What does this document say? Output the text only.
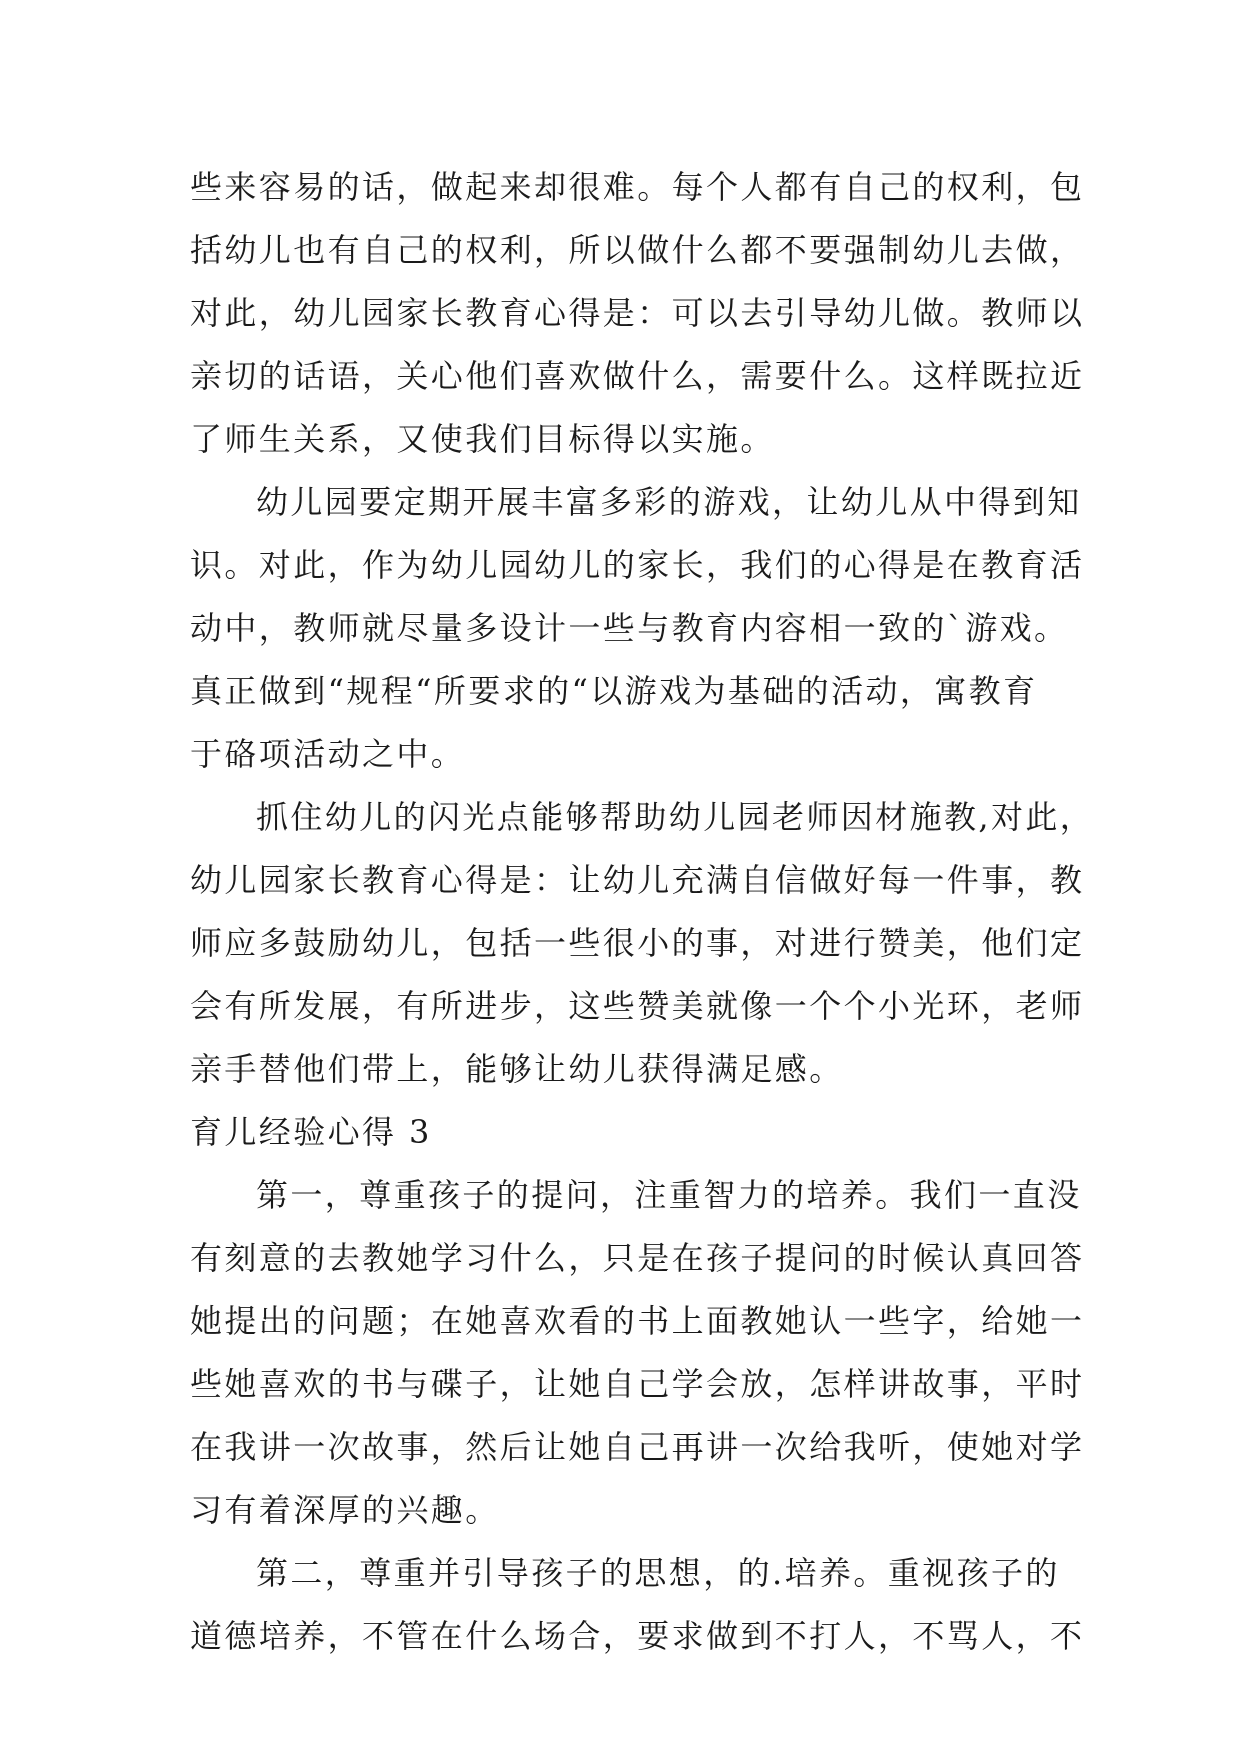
些来容易的话，做起来却很难。每个人都有自己的权利，包
括幼儿也有自己的权利，所以做什么都不要强制幼儿去做，
对此，幼儿园家长教育心得是：可以去引导幼儿做。教师以
亲切的话语，关心他们喜欢做什么，需要什么。这样既拉近
了师生关系，又使我们目标得以实施。
幼儿园要定期开展丰富多彩的游戏，让幼儿从中得到知
识。对此，作为幼儿园幼儿的家长，我们的心得是在教育活
动中，教师就尽量多设计一些与教育内容相一致的`游戏。
真正做到“规程“所要求的“以游戏为基础的活动，寓教育
于硌项活动之中。
抓住幼儿的闪光点能够帮助幼儿园老师因材施教,对此，
幼儿园家长教育心得是：让幼儿充满自信做好每一件事，教
师应多鼓励幼儿，包括一些很小的事，对进行赞美，他们定
会有所发展，有所进步，这些赞美就像一个个小光环，老师
亲手替他们带上，能够让幼儿获得满足感。
育儿经验心得 3
第一，尊重孩子的提问，注重智力的培养。我们一直没
有刻意的去教她学习什么，只是在孩子提问的时候认真回答
她提出的问题；在她喜欢看的书上面教她认一些字，给她一
些她喜欢的书与碟子，让她自己学会放，怎样讲故事，平时
在我讲一次故事，然后让她自己再讲一次给我听，使她对学
习有着深厚的兴趣。
第二，尊重并引导孩子的思想，的.培养。重视孩子的
道德培养，不管在什么场合，要求做到不打人，不骂人，不
